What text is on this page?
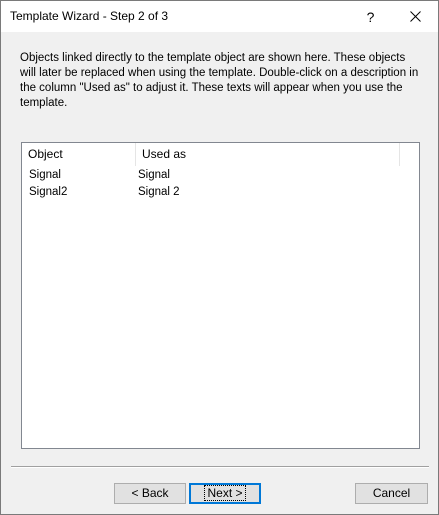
Template Wizard - Step 2 of 3	?
Objects linked directly to the template object are shown here. These objects will later be replaced when using the template. Double-click on a description in the column "Used as" to adjust it. These texts will appear when you use the template.
Object	Used as
Signal	Signal
Signal2	Signal 2
< Back	Next >	Cancel
